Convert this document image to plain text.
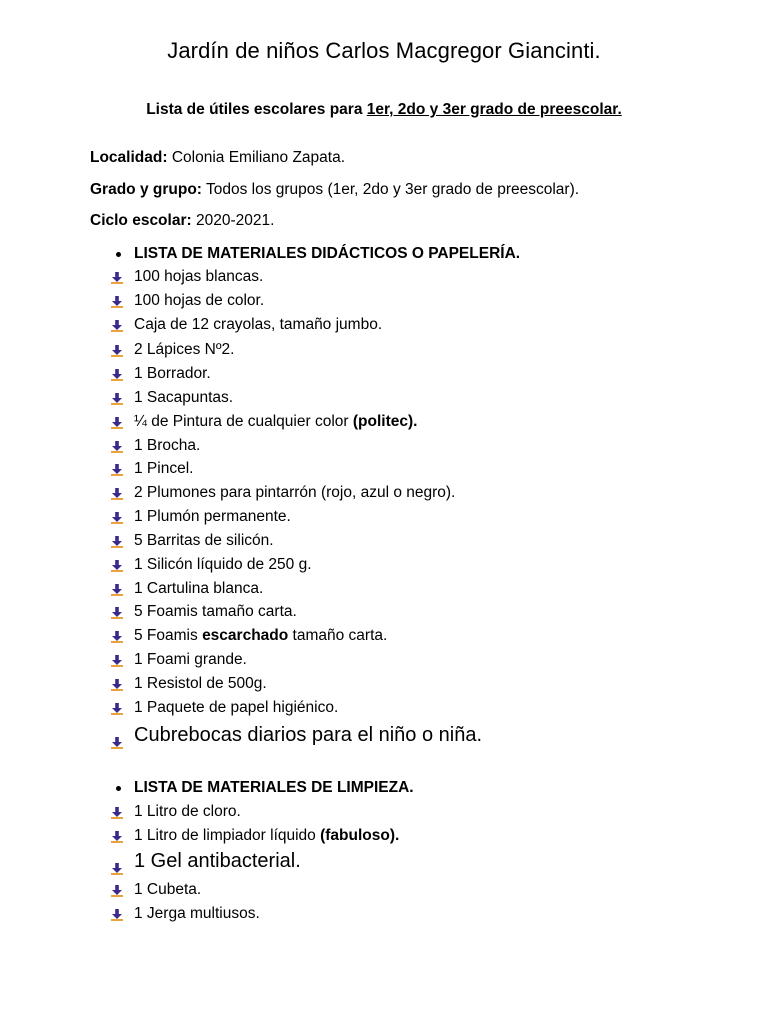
Jardín de niños Carlos Macgregor Giancinti.
Lista de útiles escolares para 1er, 2do y 3er grado de preescolar.
Localidad: Colonia Emiliano Zapata.
Grado y grupo: Todos los grupos (1er, 2do y 3er grado de preescolar).
Ciclo escolar: 2020-2021.
LISTA DE MATERIALES DIDÁCTICOS O PAPELERÍA.
100 hojas blancas.
100 hojas de color.
Caja de 12 crayolas, tamaño jumbo.
2 Lápices Nº2.
1 Borrador.
1 Sacapuntas.
¼ de Pintura de cualquier color (politec).
1 Brocha.
1 Pincel.
2 Plumones para pintarrón (rojo, azul o negro).
1 Plumón permanente.
5 Barritas de silicón.
1 Silicón líquido de 250 g.
1 Cartulina blanca.
5 Foamis tamaño carta.
5 Foamis escarchado tamaño carta.
1 Foami grande.
1 Resistol de 500g.
1 Paquete de papel higiénico.
Cubrebocas diarios para el niño o niña.
LISTA DE MATERIALES DE LIMPIEZA.
1 Litro de cloro.
1 Litro de limpiador líquido (fabuloso).
1 Gel antibacterial.
1 Cubeta.
1 Jerga multiusos.
